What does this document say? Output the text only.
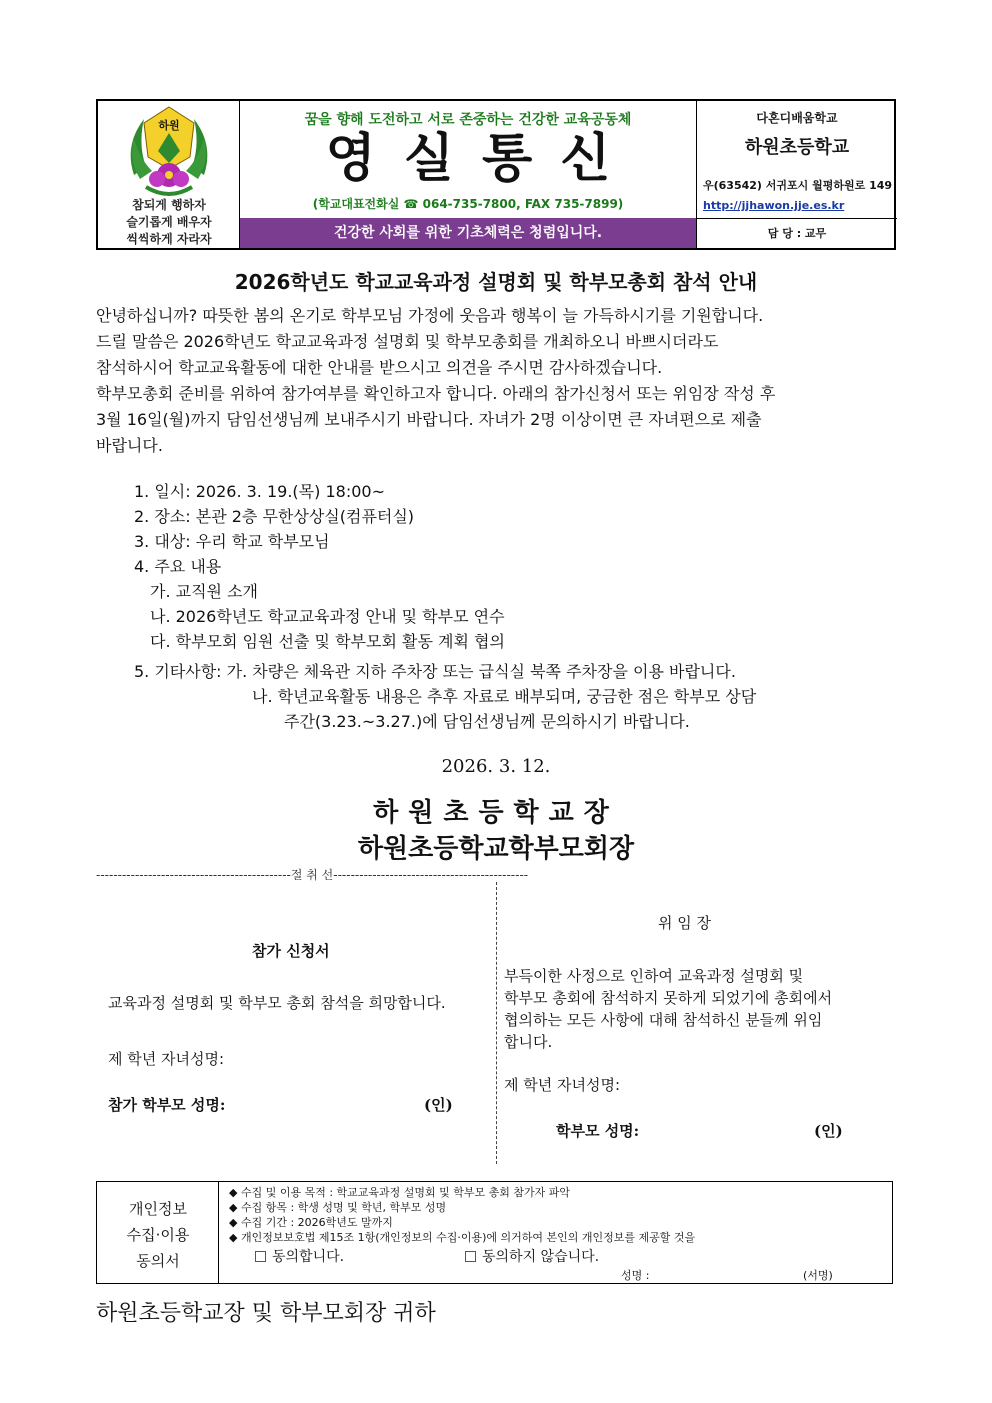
하원
참되게 행하자
슬기롭게 배우자
씩씩하게 자라자
꿈을 향해 도전하고 서로 존중하는 건강한 교육공동체
영실통신
(학교대표전화실 ☎ 064-735-7800, FAX 735-7899)
건강한 사회를 위한 기초체력은 청렴입니다.
다혼디배움학교
하원초등학교
우(63542) 서귀포시 월평하원로 149
http://jjhawon.jje.es.kr
담 당 : 교무
2026학년도 학교교육과정 설명회 및 학부모총회 참석 안내
안녕하십니까? 따뜻한 봄의 온기로 학부모님 가정에 웃음과 행복이 늘 가득하시기를 기원합니다.
드릴 말씀은 2026학년도 학교교육과정 설명회 및 학부모총회를 개최하오니 바쁘시더라도
참석하시어 학교교육활동에 대한 안내를 받으시고 의견을 주시면 감사하겠습니다.
학부모총회 준비를 위하여 참가여부를 확인하고자 합니다. 아래의 참가신청서 또는 위임장 작성 후
3월 16일(월)까지 담임선생님께 보내주시기 바랍니다. 자녀가 2명 이상이면 큰 자녀편으로 제출
바랍니다.
1. 일시: 2026. 3. 19.(목) 18:00~
2. 장소: 본관 2층 무한상상실(컴퓨터실)
3. 대상: 우리 학교 학부모님
4. 주요 내용
가. 교직원 소개
나. 2026학년도 학교교육과정 안내 및 학부모 연수
다. 학부모회 임원 선출 및 학부모회 활동 계획 협의
5. 기타사항: 가. 차량은 체육관 지하 주차장 또는 급식실 북쪽 주차장을 이용 바랍니다.
나. 학년교육활동 내용은 추후 자료로 배부되며, 궁금한 점은 학부모 상담
주간(3.23.~3.27.)에 담임선생님께 문의하시기 바랍니다.
2026. 3. 12.
하원초등학교장
하원초등학교학부모회장
---------------------------------------------절 취 선---------------------------------------------
참가 신청서
교육과정 설명회 및 학부모 총회 참석을 희망합니다.
제 학년 자녀성명:
참가 학부모 성명:	(인)
위 임 장
부득이한 사정으로 인하여 교육과정 설명회 및
학부모 총회에 참석하지 못하게 되었기에 총회에서
협의하는 모든 사항에 대해 참석하신 분들께 위임
합니다.
제 학년 자녀성명:
학부모 성명:	(인)
개인정보
수집·이용
동의서
◆ 수집 및 이용 목적 : 학교교육과정 설명회 및 학부모 총회 참가자 파악
◆ 수집 항목 : 학생 성명 및 학년, 학부모 성명
◆ 수집 기간 : 2026학년도 말까지
◆ 개인정보보호법 제15조 1항(개인정보의 수집·이용)에 의거하여 본인의 개인정보를 제공할 것을
동의합니다.	동의하지 않습니다.
성명 :	(서명)
하원초등학교장 및 학부모회장 귀하
